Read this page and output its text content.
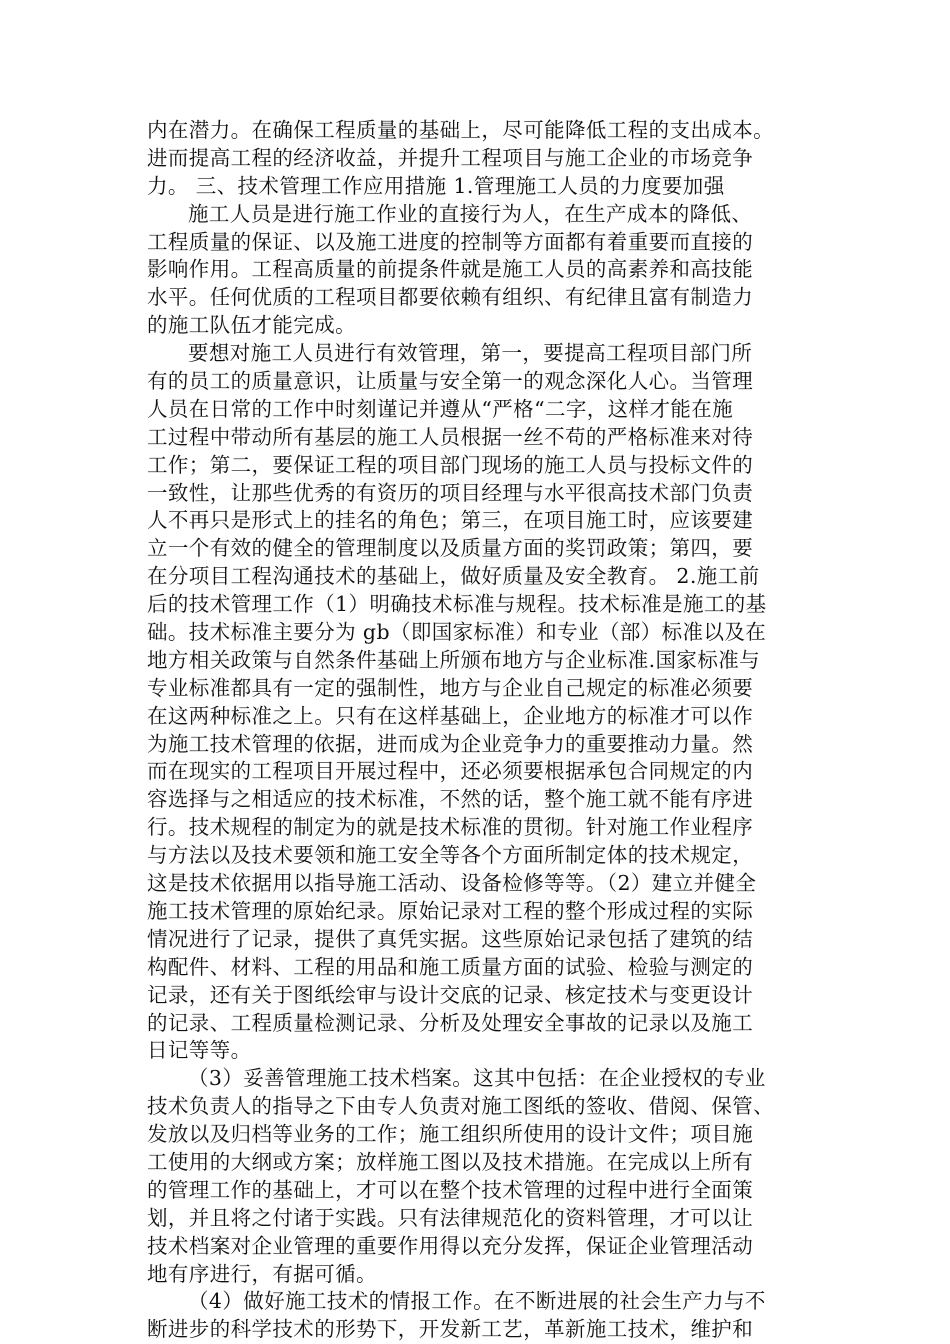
内在潜力。在确保工程质量的基础上，尽可能降低工程的支出成本。
进而提高工程的经济收益，并提升工程项目与施工企业的市场竞争
力。 三、技术管理工作应用措施 1.管理施工人员的力度要加强
施工人员是进行施工作业的直接行为人，在生产成本的降低、
工程质量的保证、以及施工进度的控制等方面都有着重要而直接的
影响作用。工程高质量的前提条件就是施工人员的高素养和高技能
水平。任何优质的工程项目都要依赖有组织、有纪律且富有制造力
的施工队伍才能完成。
要想对施工人员进行有效管理，第一，要提高工程项目部门所
有的员工的质量意识，让质量与安全第一的观念深化人心。当管理
人员在日常的工作中时刻谨记并遵从“严格“二字，这样才能在施
工过程中带动所有基层的施工人员根据一丝不苟的严格标准来对待
工作；第二，要保证工程的项目部门现场的施工人员与投标文件的
一致性，让那些优秀的有资历的项目经理与水平很高技术部门负责
人不再只是形式上的挂名的角色；第三，在项目施工时，应该要建
立一个有效的健全的管理制度以及质量方面的奖罚政策；第四，要
在分项目工程沟通技术的基础上，做好质量及安全教育。 2.施工前
后的技术管理工作（1）明确技术标准与规程。技术标准是施工的基
础。技术标准主要分为 gb（即国家标准）和专业（部）标准以及在
地方相关政策与自然条件基础上所颁布地方与企业标准.国家标准与
专业标准都具有一定的强制性，地方与企业自己规定的标准必须要
在这两种标准之上。只有在这样基础上，企业地方的标准才可以作
为施工技术管理的依据，进而成为企业竞争力的重要推动力量。然
而在现实的工程项目开展过程中，还必须要根据承包合同规定的内
容选择与之相适应的技术标准，不然的话，整个施工就不能有序进
行。技术规程的制定为的就是技术标准的贯彻。针对施工作业程序
与方法以及技术要领和施工安全等各个方面所制定体的技术规定，
这是技术依据用以指导施工活动、设备检修等等。（2）建立并健全
施工技术管理的原始纪录。原始记录对工程的整个形成过程的实际
情况进行了记录，提供了真凭实据。这些原始记录包括了建筑的结
构配件、材料、工程的用品和施工质量方面的试验、检验与测定的
记录，还有关于图纸绘审与设计交底的记录、核定技术与变更设计
的记录、工程质量检测记录、分析及处理安全事故的记录以及施工
日记等等。
（3）妥善管理施工技术档案。这其中包括：在企业授权的专业
技术负责人的指导之下由专人负责对施工图纸的签收、借阅、保管、
发放以及归档等业务的工作；施工组织所使用的设计文件；项目施
工使用的大纲或方案；放样施工图以及技术措施。在完成以上所有
的管理工作的基础上，才可以在整个技术管理的过程中进行全面策
划，并且将之付诸于实践。只有法律规范化的资料管理，才可以让
技术档案对企业管理的重要作用得以充分发挥，保证企业管理活动
地有序进行，有据可循。
（4）做好施工技术的情报工作。在不断进展的社会生产力与不
断进步的科学技术的形势下，开发新工艺，革新施工技术，维护和
